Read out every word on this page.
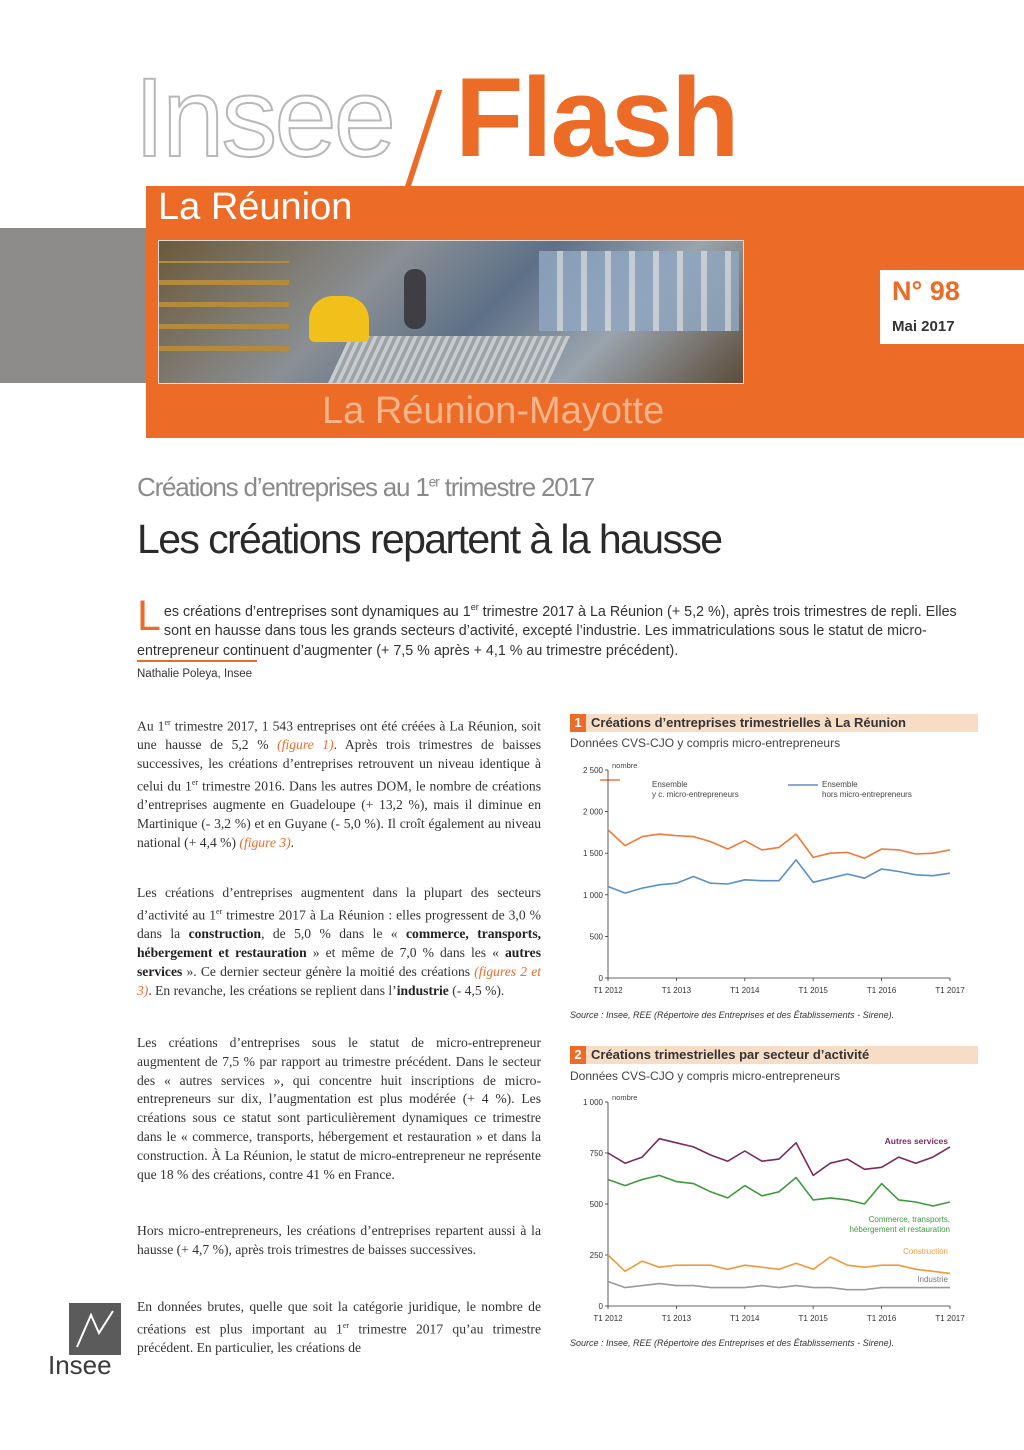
Insee Flash
La Réunion
La Réunion-Mayotte
N° 98
Mai 2017
Créations d’entreprises au 1er trimestre 2017
Les créations repartent à la hausse
Les créations d’entreprises sont dynamiques au 1er trimestre 2017 à La Réunion (+ 5,2 %), après trois trimestres de repli. Elles sont en hausse dans tous les grands secteurs d’activité, excepté l’industrie. Les immatriculations sous le statut de micro-entrepreneur continuent d’augmenter (+ 7,5 % après + 4,1 % au trimestre précédent).
Nathalie Poleya, Insee

Au 1er trimestre 2017, 1 543 entreprises ont été créées à La Réunion, soit une hausse de 5,2 % (figure 1). Après trois trimestres de baisses successives, les créations d’entreprises retrouvent un niveau identique à celui du 1er trimestre 2016. Dans les autres DOM, le nombre de créations d’entreprises augmente en Guadeloupe (+ 13,2 %), mais il diminue en Martinique (- 3,2 %) et en Guyane (- 5,0 %). Il croît également au niveau national (+ 4,4 %) (figure 3).

Les créations d’entreprises augmentent dans la plupart des secteurs d’activité au 1er trimestre 2017 à La Réunion : elles progressent de 3,0 % dans la construction, de 5,0 % dans le « commerce, transports, hébergement et restauration » et même de 7,0 % dans les « autres services ». Ce dernier secteur génère la moitié des créations (figures 2 et 3). En revanche, les créations se replient dans l’industrie (- 4,5 %).

Les créations d’entreprises sous le statut de micro-entrepreneur augmentent de 7,5 % par rapport au trimestre précédent. Dans le secteur des « autres services », qui concentre huit inscriptions de micro-entrepreneurs sur dix, l’augmentation est plus modérée (+ 4 %). Les créations sous ce statut sont particulièrement dynamiques ce trimestre dans le « commerce, transports, hébergement et restauration » et dans la construction. À La Réunion, le statut de micro-entrepreneur ne représente que 18 % des créations, contre 41 % en France.

Hors micro-entrepreneurs, les créations d’entreprises repartent aussi à la hausse (+ 4,7 %), après trois trimestres de baisses successives.

En données brutes, quelle que soit la catégorie juridique, le nombre de créations est plus important au 1er trimestre 2017 qu’au trimestre précédent. En particulier, les créations de

Insee
1 Créations d’entreprises trimestrielles à La Réunion
Données CVS-CJO y compris micro-entrepreneurs
nombre
Ensemble
y c. micro-entrepreneurs
Ensemble
hors micro-entrepreneurs
0
500
1 000
1 500
2 000
2 500
T1 2012	T1 2013	T1 2014	T1 2015	T1 2016	T1 2017
Source : Insee, REE (Répertoire des Entreprises et des Établissements - Sirene).
2 Créations trimestrielles par secteur d’activité
Données CVS-CJO y compris micro-entrepreneurs
nombre
Autres services
Commerce, transports,
hébergement et restauration
Construction
Industrie
0
250
500
750
1 000
T1 2012	T1 2013	T1 2014	T1 2015	T1 2016	T1 2017
Source : Insee, REE (Répertoire des Entreprises et des Établissements - Sirene).
